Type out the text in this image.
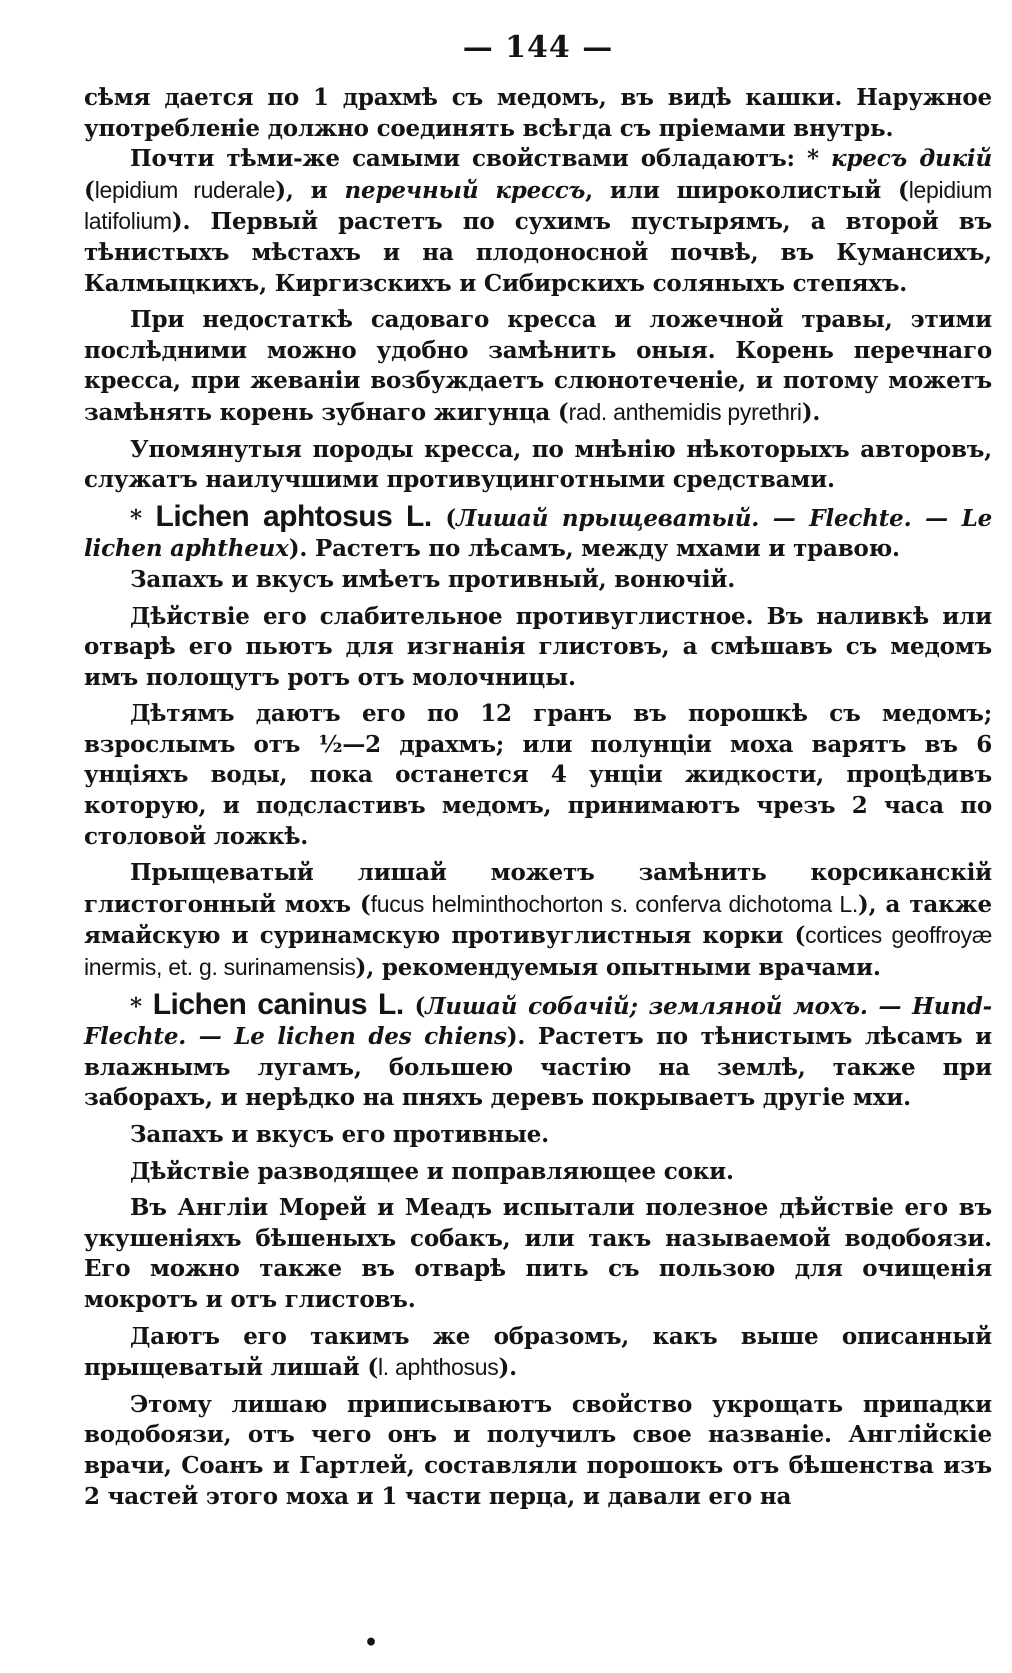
— 144 —

сѣмя дается по 1 драхмѣ съ медомъ, въ видѣ кашки. Наружное употребленіе должно соединять всѣгда съ пріемами внутрь.

Почти тѣми-же самыми свойствами обладаютъ: * кресъ дикій (lepidium ruderale), и перечный крессъ, или широколистый (lepidium latifolium). Первый растетъ по сухимъ пустырямъ, а второй въ тѣнистыхъ мѣстахъ и на плодоносной почвѣ, въ Кумансихъ, Калмыцкихъ, Киргизскихъ и Сибирскихъ соляныхъ степяхъ.

При недостаткѣ садоваго кресса и ложечной травы, этими послѣдними можно удобно замѣнить оныя. Корень перечнаго кресса, при жеваніи возбуждаетъ слюнотеченіе, и потому можетъ замѣнять корень зубнаго жигунца (rad. anthemidis pyrethri).

Упомянутыя породы кресса, по мнѣнію нѣкоторыхъ авторовъ, служатъ наилучшими противуцинготными средствами.

* Lichen aphtosus L. (Лишай прыщеватый. — Flechte. — Le lichen aphtheux). Растетъ по лѣсамъ, между мхами и травою.

Запахъ и вкусъ имѣетъ противный, вонючій.

Дѣйствіе его слабительное противуглистное. Въ наливкѣ или отварѣ его пьютъ для изгнанія глистовъ, а смѣшавъ съ медомъ имъ полощутъ ротъ отъ молочницы.

Дѣтямъ даютъ его по 12 гранъ въ порошкѣ съ медомъ; взрослымъ отъ ½—2 драхмъ; или полунціи моха варятъ въ 6 унціяхъ воды, пока останется 4 унціи жидкости, процѣдивъ которую, и подсластивъ медомъ, принимаютъ чрезъ 2 часа по столовой ложкѣ.

Прыщеватый лишай можетъ замѣнить корсиканскій глистогонный мохъ (fucus helminthochorton s. conferva dichotoma L.), а также ямайскую и суринамскую противуглистныя корки (cortices geoffroyæ inermis, et. g. surinamensis), рекомендуемыя опытными врачами.

* Lichen caninus L. (Лишай собачій; земляной мохъ. — Hund-Flechte. — Le lichen des chiens). Растетъ по тѣнистымъ лѣсамъ и влажнымъ лугамъ, большею частію на землѣ, также при заборахъ, и нерѣдко на пняхъ деревъ покрываетъ другіе мхи.

Запахъ и вкусъ его противные.

Дѣйствіе разводящее и поправляющее соки.

Въ Англіи Морей и Меадъ испытали полезное дѣйствіе его въ укушеніяхъ бѣшеныхъ собакъ, или такъ называемой водобоязи. Его можно также въ отварѣ пить съ пользою для очищенія мокротъ и отъ глистовъ.

Даютъ его такимъ же образомъ, какъ выше описанный прыщеватый лишай (l. aphthosus).

Этому лишаю приписываютъ свойство укрощать припадки водобоязи, отъ чего онъ и получилъ свое названіе. Англійскіе врачи, Соанъ и Гартлей, составляли порошокъ отъ бѣшенства изъ 2 частей этого моха и 1 части перца, и давали его на

•
